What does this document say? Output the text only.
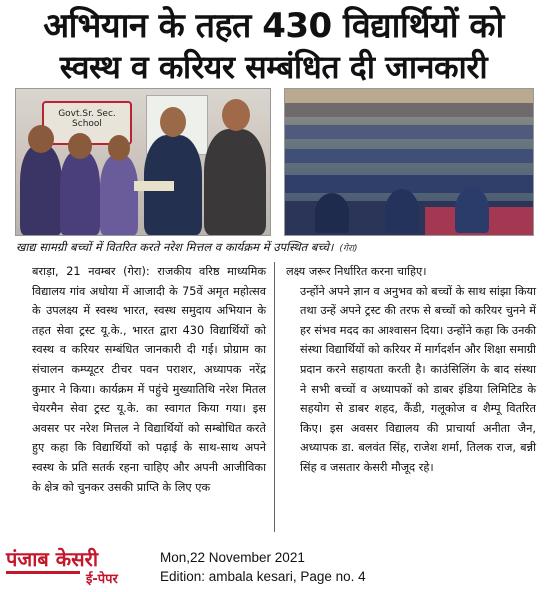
अभियान के तहत 430 विद्यार्थियों को
स्वस्थ व करियर सम्बंधित दी जानकारी
Govt.Sr. Sec. School
खाद्य सामग्री बच्चों में वितरित करते नरेश मित्तल व कार्यक्रम में उपस्थित बच्चे। (गेरा)

बराड़ा, 21 नवम्बर (गेरा): राजकीय वरिष्ठ माध्यमिक विद्यालय गांव अधोया में आजादी के 75वें अमृत महोत्सव के उपलक्ष्य में स्वस्थ भारत, स्वस्थ समुदाय अभियान के तहत सेवा ट्रस्ट यू.के., भारत द्वारा 430 विद्यार्थियों को स्वस्थ व करियर सम्बंधित जानकारी दी गई। प्रोग्राम का संचालन कम्प्यूटर टीचर पवन पराशर, अध्यापक नरेंद्र कुमार ने किया। कार्यक्रम में पहुंचे मुख्यातिथि नरेश मितल चेयरमैन सेवा ट्रस्ट यू.के. का स्वागत किया गया। इस अवसर पर नरेश मित्तल ने विद्यार्थियों को सम्बोधित करते हुए कहा कि विद्यार्थियों को पढ़ाई के साथ-साथ अपने स्वस्थ के प्रति सतर्क रहना चाहिए और अपनी आजीविका के क्षेत्र को चुनकर उसकी प्राप्ति के लिए एक

लक्ष्य जरूर निर्धारित करना चाहिए।

उन्होंने अपने ज्ञान व अनुभव को बच्चों के साथ सांझा किया तथा उन्हें अपने ट्रस्ट की तरफ से बच्चों को करियर चुनने में हर संभव मदद का आश्वासन दिया। उन्होंने कहा कि उनकी संस्था विद्यार्थियों को करियर में मार्गदर्शन और शिक्षा समाग्री प्रदान करने सहायता करती है। काउंसिलिंग के बाद संस्था ने सभी बच्चों व अध्यापकों को डाबर इंडिया लिमिटिड के सहयोग से डाबर शहद, कैंडी, गलूकोज व शैम्पू वितरित किए। इस अवसर विद्यालय की प्राचार्या अनीता जैन, अध्यापक डा. बलवंत सिंह, राजेश शर्मा, तिलक राज, बन्नी सिंह व जसतार केसरी मौजूद रहे।

पंजाब केसरी
ई-पेपर
Mon,22 November 2021
Edition: ambala kesari, Page no. 4
